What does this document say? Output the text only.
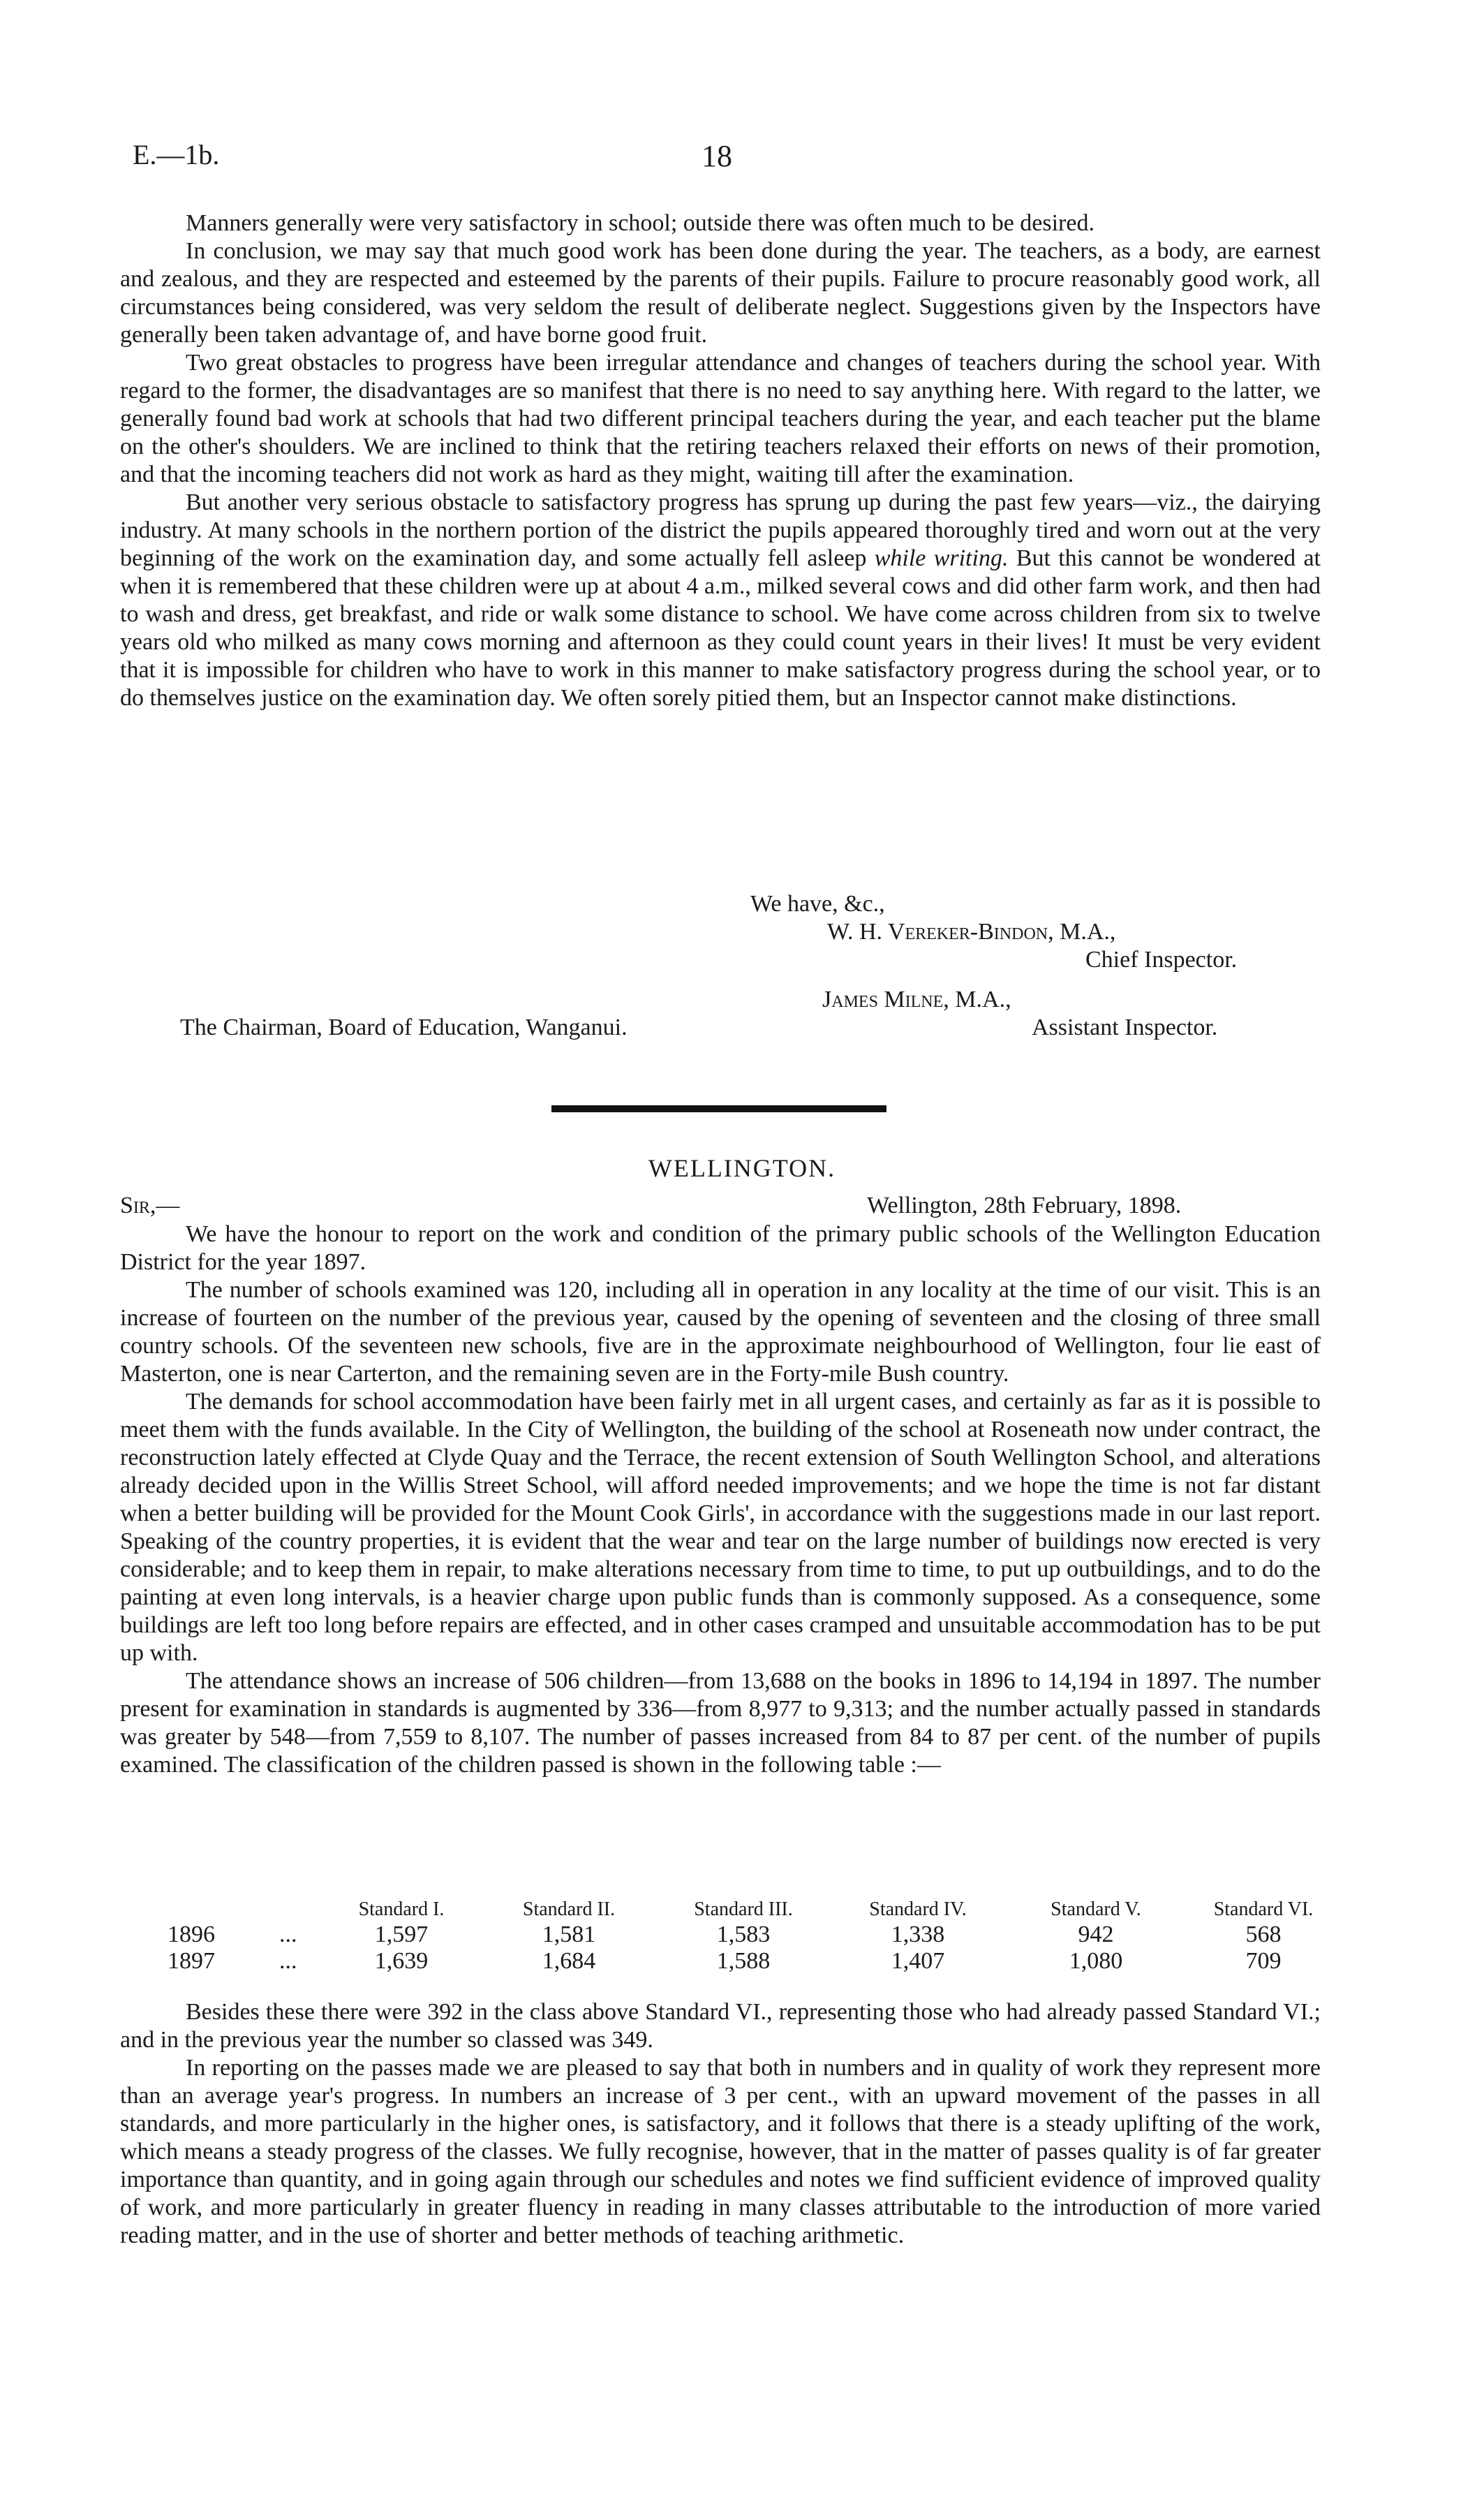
E.—1b.	18

Manners generally were very satisfactory in school; outside there was often much to be desired.

In conclusion, we may say that much good work has been done during the year. The teachers, as a body, are earnest and zealous, and they are respected and esteemed by the parents of their pupils. Failure to procure reasonably good work, all circumstances being considered, was very seldom the result of deliberate neglect. Suggestions given by the Inspectors have generally been taken advantage of, and have borne good fruit.

Two great obstacles to progress have been irregular attendance and changes of teachers during the school year. With regard to the former, the disadvantages are so manifest that there is no need to say anything here. With regard to the latter, we generally found bad work at schools that had two different principal teachers during the year, and each teacher put the blame on the other's shoulders. We are inclined to think that the retiring teachers relaxed their efforts on news of their promotion, and that the incoming teachers did not work as hard as they might, waiting till after the examination.

But another very serious obstacle to satisfactory progress has sprung up during the past few years—viz., the dairying industry. At many schools in the northern portion of the district the pupils appeared thoroughly tired and worn out at the very beginning of the work on the examination day, and some actually fell asleep while writing. But this cannot be wondered at when it is remembered that these children were up at about 4 a.m., milked several cows and did other farm work, and then had to wash and dress, get breakfast, and ride or walk some distance to school. We have come across children from six to twelve years old who milked as many cows morning and afternoon as they could count years in their lives! It must be very evident that it is impossible for children who have to work in this manner to make satisfactory progress during the school year, or to do themselves justice on the examination day. We often sorely pitied them, but an Inspector cannot make distinctions.

We have, &c.,
W. H. Vereker-Bindon, M.A.,
Chief Inspector.
James Milne, M.A.,
Assistant Inspector.
The Chairman, Board of Education, Wanganui.
WELLINGTON.
Sir,—	Wellington, 28th February, 1898.

We have the honour to report on the work and condition of the primary public schools of the Wellington Education District for the year 1897.

The number of schools examined was 120, including all in operation in any locality at the time of our visit. This is an increase of fourteen on the number of the previous year, caused by the opening of seventeen and the closing of three small country schools. Of the seventeen new schools, five are in the approximate neighbourhood of Wellington, four lie east of Masterton, one is near Carterton, and the remaining seven are in the Forty-mile Bush country.

The demands for school accommodation have been fairly met in all urgent cases, and certainly as far as it is possible to meet them with the funds available. In the City of Wellington, the building of the school at Roseneath now under contract, the reconstruction lately effected at Clyde Quay and the Terrace, the recent extension of South Wellington School, and alterations already decided upon in the Willis Street School, will afford needed improvements; and we hope the time is not far distant when a better building will be provided for the Mount Cook Girls', in accordance with the suggestions made in our last report. Speaking of the country properties, it is evident that the wear and tear on the large number of buildings now erected is very considerable; and to keep them in repair, to make alterations necessary from time to time, to put up outbuildings, and to do the painting at even long intervals, is a heavier charge upon public funds than is commonly supposed. As a consequence, some buildings are left too long before repairs are effected, and in other cases cramped and unsuitable accommodation has to be put up with.

The attendance shows an increase of 506 children—from 13,688 on the books in 1896 to 14,194 in 1897. The number present for examination in standards is augmented by 336—from 8,977 to 9,313; and the number actually passed in standards was greater by 548—from 7,559 to 8,107. The number of passes increased from 84 to 87 per cent. of the number of pupils examined. The classification of the children passed is shown in the following table :—

		Standard I.	Standard II.	Standard III.	Standard IV.	Standard V.	Standard VI.
1896	...	1,597	1,581	1,583	1,338	942	568
1897	...	1,639	1,684	1,588	1,407	1,080	709

Besides these there were 392 in the class above Standard VI., representing those who had already passed Standard VI.; and in the previous year the number so classed was 349.

In reporting on the passes made we are pleased to say that both in numbers and in quality of work they represent more than an average year's progress. In numbers an increase of 3 per cent., with an upward movement of the passes in all standards, and more particularly in the higher ones, is satisfactory, and it follows that there is a steady uplifting of the work, which means a steady progress of the classes. We fully recognise, however, that in the matter of passes quality is of far greater importance than quantity, and in going again through our schedules and notes we find sufficient evidence of improved quality of work, and more particularly in greater fluency in reading in many classes attributable to the introduction of more varied reading matter, and in the use of shorter and better methods of teaching arithmetic.
